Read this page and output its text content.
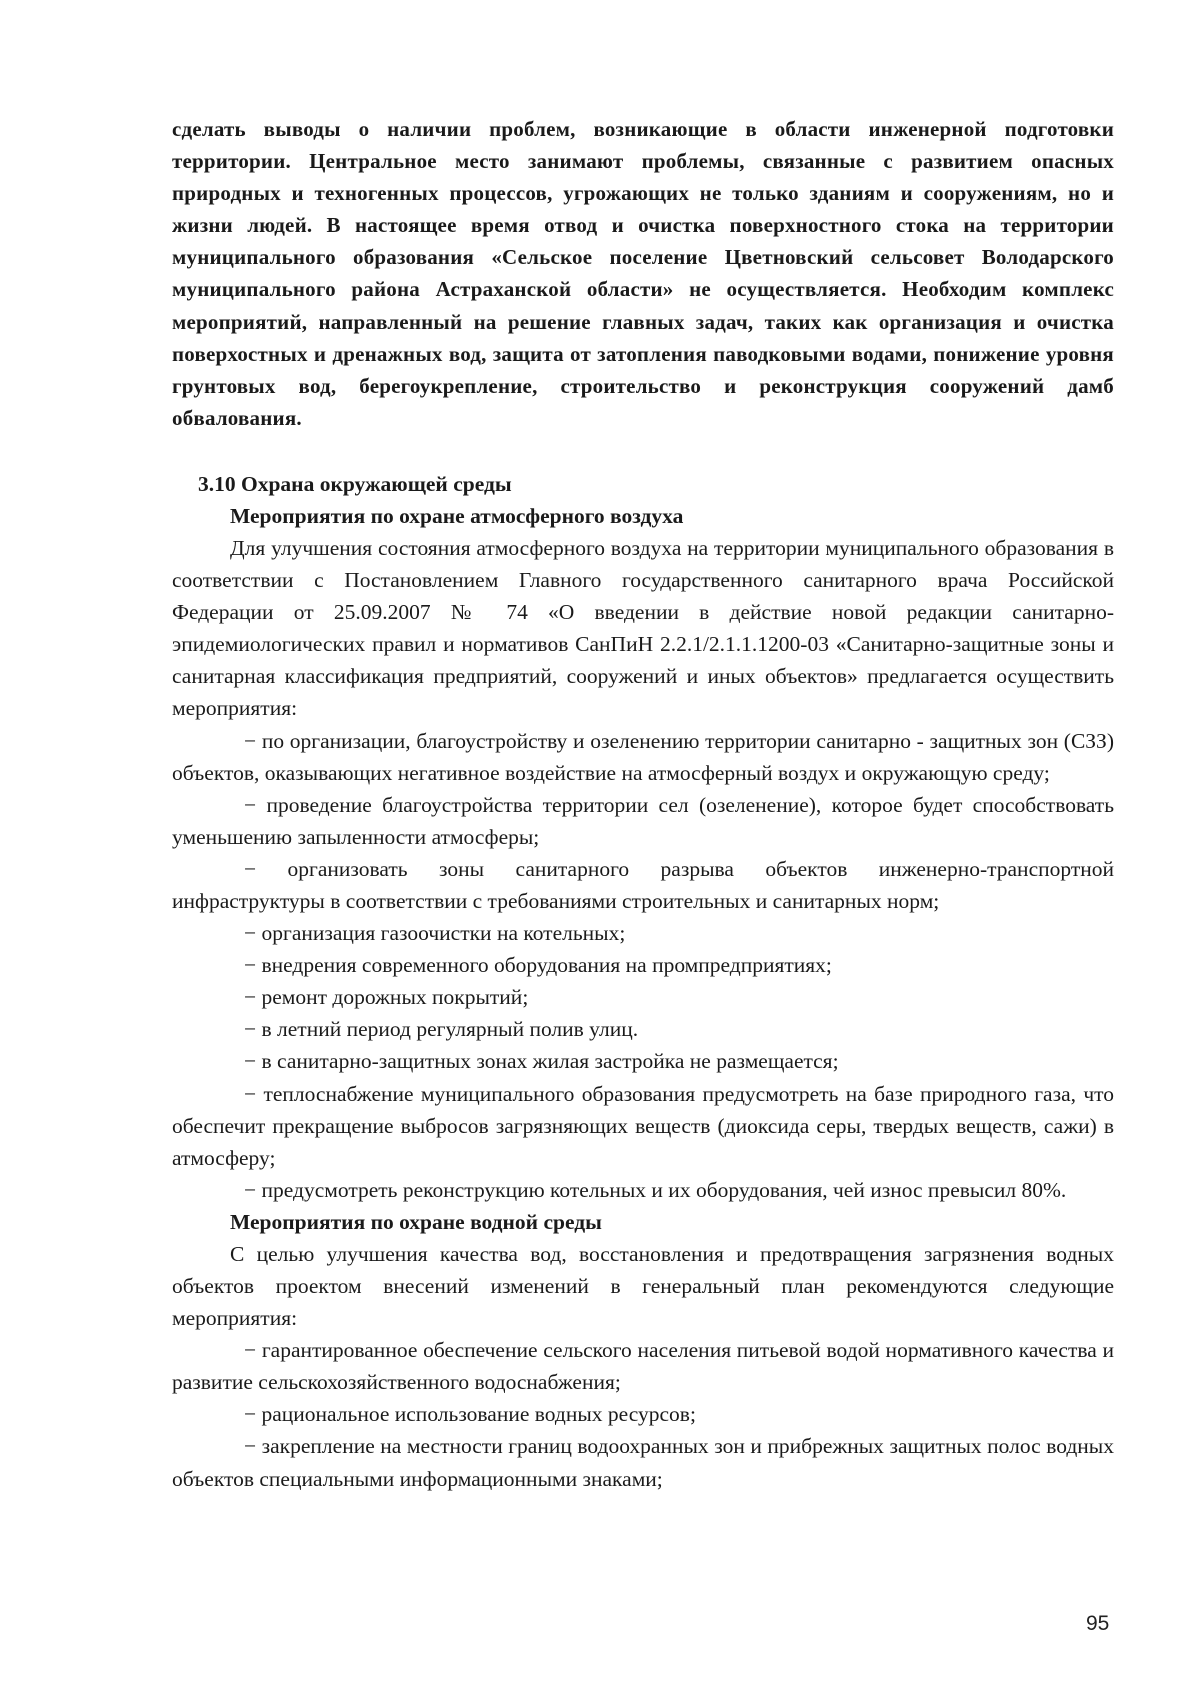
сделать выводы о наличии проблем, возникающие в области инженерной подготовки территории. Центральное место занимают проблемы, связанные с развитием опасных природных и техногенных процессов, угрожающих не только зданиям и сооружениям, но и жизни людей. В настоящее время отвод и очистка поверхностного стока на территории муниципального образования «Сельское поселение Цветновский сельсовет Володарского муниципального района Астраханской области» не осуществляется. Необходим комплекс мероприятий, направленный на решение главных задач, таких как организация и очистка поверхостных и дренажных вод, защита от затопления паводковыми водами, понижение уровня грунтовых вод, берегоукрепление, строительство и реконструкция сооружений дамб обвалования.

3.10 Охрана окружающей среды
Мероприятия по охране атмосферного воздуха

Для улучшения состояния атмосферного воздуха на территории муниципального образования в соответствии с Постановлением Главного государственного санитарного врача Российской Федерации от 25.09.2007 № 74 «О введении в действие новой редакции санитарно-эпидемиологических правил и нормативов СанПиН 2.2.1/2.1.1.1200-03 «Санитарно-защитные зоны и санитарная классификация предприятий, сооружений и иных объектов» предлагается осуществить мероприятия:

− по организации, благоустройству и озеленению территории санитарно - защитных зон (СЗЗ) объектов, оказывающих негативное воздействие на атмосферный воздух и окружающую среду;

− проведение благоустройства территории сел (озеленение), которое будет способствовать уменьшению запыленности атмосферы;

− организовать зоны санитарного разрыва объектов инженерно-транспортной инфраструктуры в соответствии с требованиями строительных и санитарных норм;

− организация газоочистки на котельных;

− внедрения современного оборудования на промпредприятиях;

− ремонт дорожных покрытий;

− в летний период регулярный полив улиц.

− в санитарно-защитных зонах жилая застройка не размещается;

− теплоснабжение муниципального образования предусмотреть на базе природного газа, что обеспечит прекращение выбросов загрязняющих веществ (диоксида серы, твердых веществ, сажи) в атмосферу;

− предусмотреть реконструкцию котельных и их оборудования, чей износ превысил 80%.

Мероприятия по охране водной среды

С целью улучшения качества вод, восстановления и предотвращения загрязнения водных объектов проектом внесений изменений в генеральный план рекомендуются следующие мероприятия:

− гарантированное обеспечение сельского населения питьевой водой нормативного качества и развитие сельскохозяйственного водоснабжения;

− рациональное использование водных ресурсов;

− закрепление на местности границ водоохранных зон и прибрежных защитных полос водных объектов специальными информационными знаками;

95
